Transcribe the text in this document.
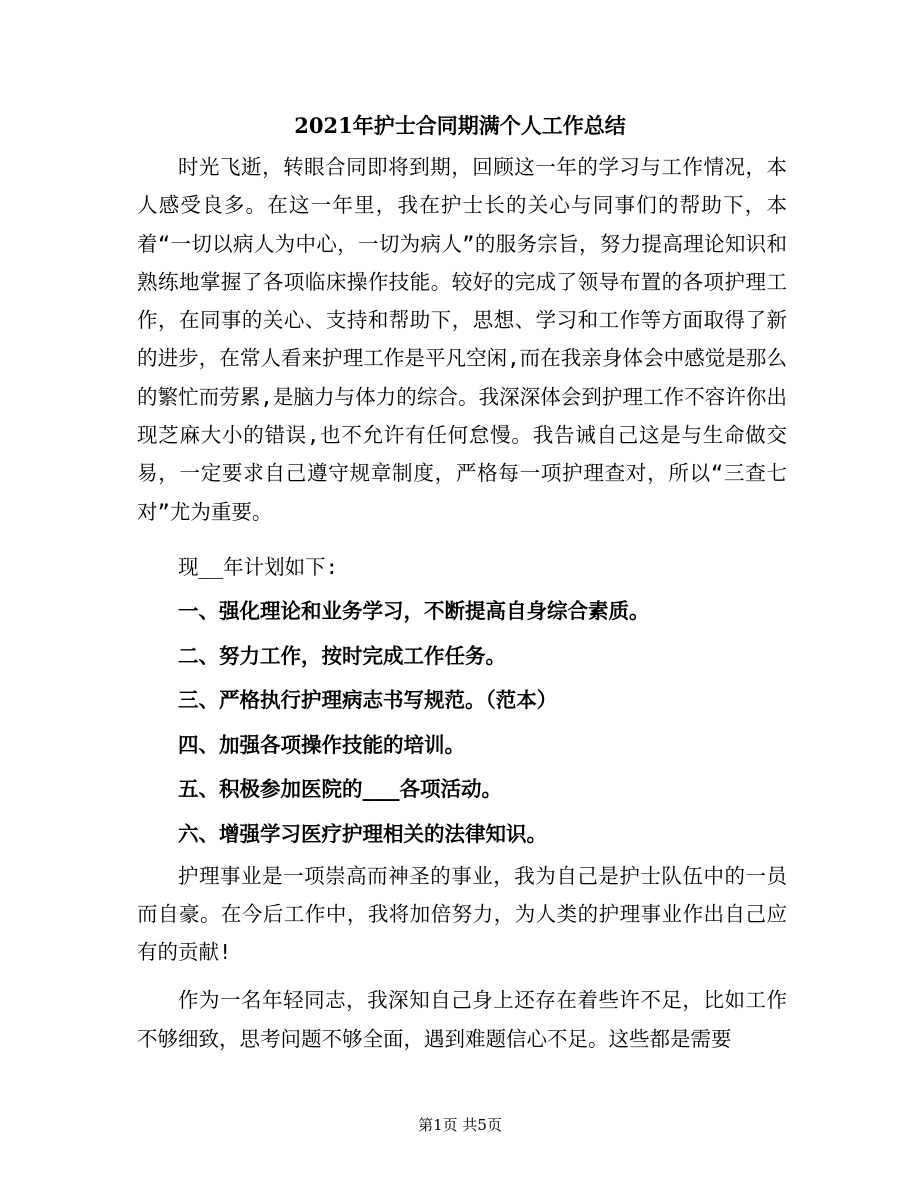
2021年护士合同期满个人工作总结

时光飞逝，转眼合同即将到期，回顾这一年的学习与工作情况，本人感受良多。在这一年里，我在护士长的关心与同事们的帮助下，本着“一切以病人为中心，一切为病人”的服务宗旨，努力提高理论知识和熟练地掌握了各项临床操作技能。较好的完成了领导布置的各项护理工作，在同事的关心、支持和帮助下，思想、学习和工作等方面取得了新的进步，在常人看来护理工作是平凡空闲,而在我亲身体会中感觉是那么的繁忙而劳累,是脑力与体力的综合。我深深体会到护理工作不容许你出现芝麻大小的错误,也不允许有任何怠慢。我告诫自己这是与生命做交易，一定要求自己遵守规章制度，严格每一项护理查对，所以“三查七对”尤为重要。

现__年计划如下:

一、强化理论和业务学习，不断提高自身综合素质。

二、努力工作，按时完成工作任务。

三、严格执行护理病志书写规范。（范本）

四、加强各项操作技能的培训。

五、积极参加医院的___各项活动。

六、增强学习医疗护理相关的法律知识。

护理事业是一项崇高而神圣的事业，我为自己是护士队伍中的一员而自豪。在今后工作中，我将加倍努力，为人类的护理事业作出自己应有的贡献!

作为一名年轻同志，我深知自己身上还存在着些许不足，比如工作不够细致，思考问题不够全面，遇到难题信心不足。这些都是需要

第1页 共5页
